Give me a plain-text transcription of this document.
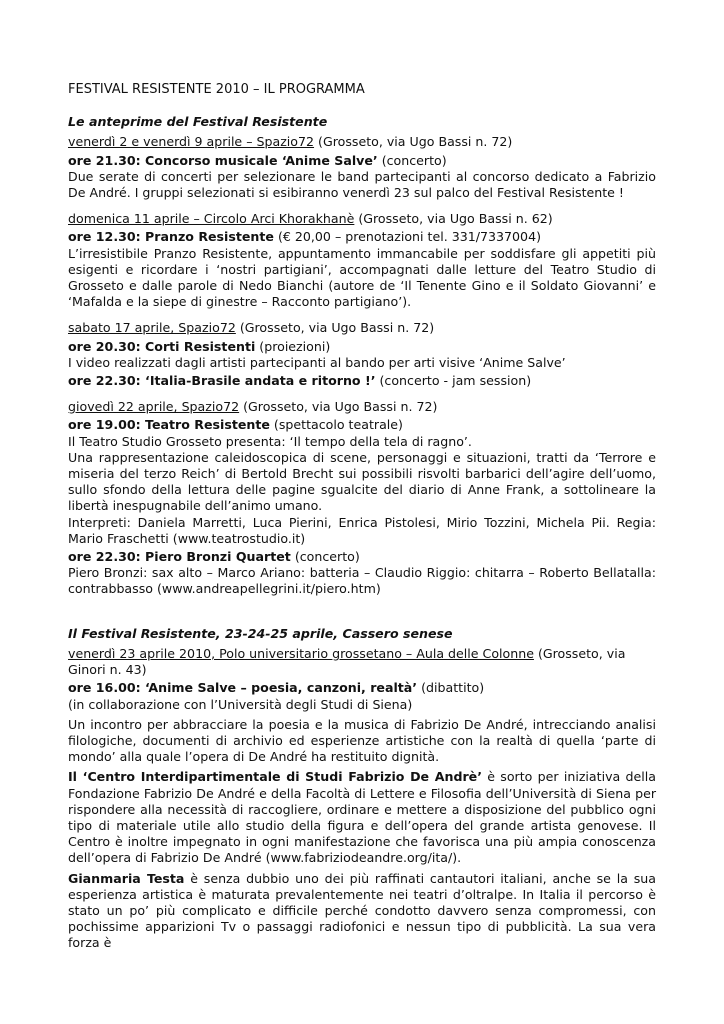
FESTIVAL RESISTENTE 2010 – IL PROGRAMMA

Le anteprime del Festival Resistente

venerdì 2 e venerdì 9 aprile – Spazio72 (Grosseto, via Ugo Bassi n. 72)

ore 21.30: Concorso musicale ‘Anime Salve’ (concerto)

Due serate di concerti per selezionare le band partecipanti al concorso dedicato a Fabrizio De André. I gruppi selezionati si esibiranno venerdì 23 sul palco del Festival Resistente !

domenica 11 aprile – Circolo Arci Khorakhanè (Grosseto, via Ugo Bassi n. 62)

ore 12.30: Pranzo Resistente (€ 20,00 – prenotazioni tel. 331/7337004)

L’irresistibile Pranzo Resistente, appuntamento immancabile per soddisfare gli appetiti più esigenti e ricordare i ‘nostri partigiani’, accompagnati dalle letture del Teatro Studio di Grosseto e dalle parole di Nedo Bianchi (autore de ‘Il Tenente Gino e il Soldato Giovanni’ e ‘Mafalda e la siepe di ginestre – Racconto partigiano’).

sabato 17 aprile, Spazio72 (Grosseto, via Ugo Bassi n. 72)

ore 20.30: Corti Resistenti (proiezioni)

I video realizzati dagli artisti partecipanti al bando per arti visive ‘Anime Salve’

ore 22.30: ‘Italia-Brasile andata e ritorno !’ (concerto - jam session)

giovedì 22 aprile, Spazio72 (Grosseto, via Ugo Bassi n. 72)

ore 19.00: Teatro Resistente (spettacolo teatrale)

Il Teatro Studio Grosseto presenta: ‘Il tempo della tela di ragno’.
Una rappresentazione caleidoscopica di scene, personaggi e situazioni, tratti da ‘Terrore e miseria del terzo Reich’ di Bertold Brecht sui possibili risvolti barbarici dell’agire dell’uomo, sullo sfondo della lettura delle pagine sgualcite del diario di Anne Frank, a sottolineare la libertà inespugnabile dell’animo umano.
Interpreti: Daniela Marretti, Luca Pierini, Enrica Pistolesi, Mirio Tozzini, Michela Pii. Regia: Mario Fraschetti (www.teatrostudio.it)

ore 22.30: Piero Bronzi Quartet (concerto)

Piero Bronzi: sax alto – Marco Ariano: batteria – Claudio Riggio: chitarra – Roberto Bellatalla: contrabbasso (www.andreapellegrini.it/piero.htm)

Il Festival Resistente, 23-24-25 aprile, Cassero senese

venerdì 23 aprile 2010, Polo universitario grossetano – Aula delle Colonne (Grosseto, via Ginori n. 43)

ore 16.00: ‘Anime Salve – poesia, canzoni, realtà’ (dibattito)

(in collaborazione con l’Università degli Studi di Siena)

Un incontro per abbracciare la poesia e la musica di Fabrizio De André, intrecciando analisi filologiche, documenti di archivio ed esperienze artistiche con la realtà di quella ‘parte di mondo’ alla quale l’opera di De André ha restituito dignità.

Il ‘Centro Interdipartimentale di Studi Fabrizio De Andrè’ è sorto per iniziativa della Fondazione Fabrizio De André e della Facoltà di Lettere e Filosofia dell’Università di Siena per rispondere alla necessità di raccogliere, ordinare e mettere a disposizione del pubblico ogni tipo di materiale utile allo studio della figura e dell’opera del grande artista genovese. Il Centro è inoltre impegnato in ogni manifestazione che favorisca una più ampia conoscenza dell’opera di Fabrizio De André (www.fabriziodeandre.org/ita/).

Gianmaria Testa è senza dubbio uno dei più raffinati cantautori italiani, anche se la sua esperienza artistica è maturata prevalentemente nei teatri d’oltralpe. In Italia il percorso è stato un po’ più complicato e difficile perché condotto davvero senza compromessi, con pochissime apparizioni Tv o passaggi radiofonici e nessun tipo di pubblicità. La sua vera forza è
